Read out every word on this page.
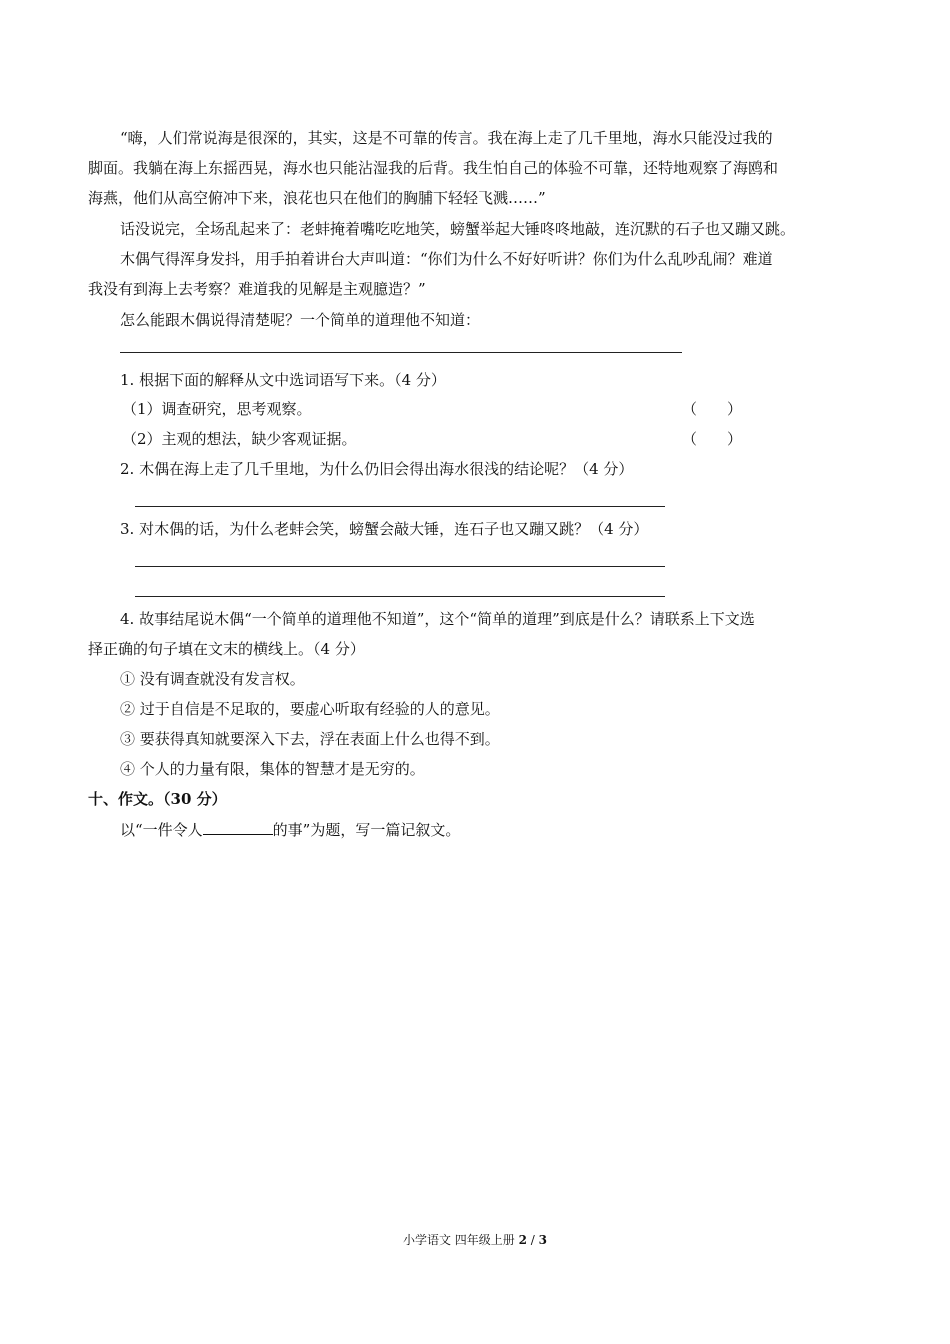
“嗨，人们常说海是很深的，其实，这是不可靠的传言。我在海上走了几千里地，海水只能没过我的
脚面。我躺在海上东摇西晃，海水也只能沾湿我的后背。我生怕自己的体验不可靠，还特地观察了海鸥和
海燕，他们从高空俯冲下来，浪花也只在他们的胸脯下轻轻飞溅……”
话没说完，全场乱起来了：老蚌掩着嘴吃吃地笑，螃蟹举起大锤咚咚地敲，连沉默的石子也又蹦又跳。
木偶气得浑身发抖，用手拍着讲台大声叫道：“你们为什么不好好听讲？你们为什么乱吵乱闹？难道
我没有到海上去考察？难道我的见解是主观臆造？”
怎么能跟木偶说得清楚呢？一个简单的道理他不知道：
1. 根据下面的解释从文中选词语写下来。（4 分）
（1）调查研究，思考观察。	（　　）
（2）主观的想法，缺少客观证据。	（　　）
2. 木偶在海上走了几千里地，为什么仍旧会得出海水很浅的结论呢？（4 分）
3. 对木偶的话，为什么老蚌会笑，螃蟹会敲大锤，连石子也又蹦又跳？（4 分）
4. 故事结尾说木偶“一个简单的道理他不知道”，这个“简单的道理”到底是什么？请联系上下文选
择正确的句子填在文末的横线上。（4 分）
① 没有调查就没有发言权。
② 过于自信是不足取的，要虚心听取有经验的人的意见。
③ 要获得真知就要深入下去，浮在表面上什么也得不到。
④ 个人的力量有限，集体的智慧才是无穷的。
十、作文。（30 分）
以“一件令人	的事”为题，写一篇记叙文。
小学语文 四年级上册 2 / 3
